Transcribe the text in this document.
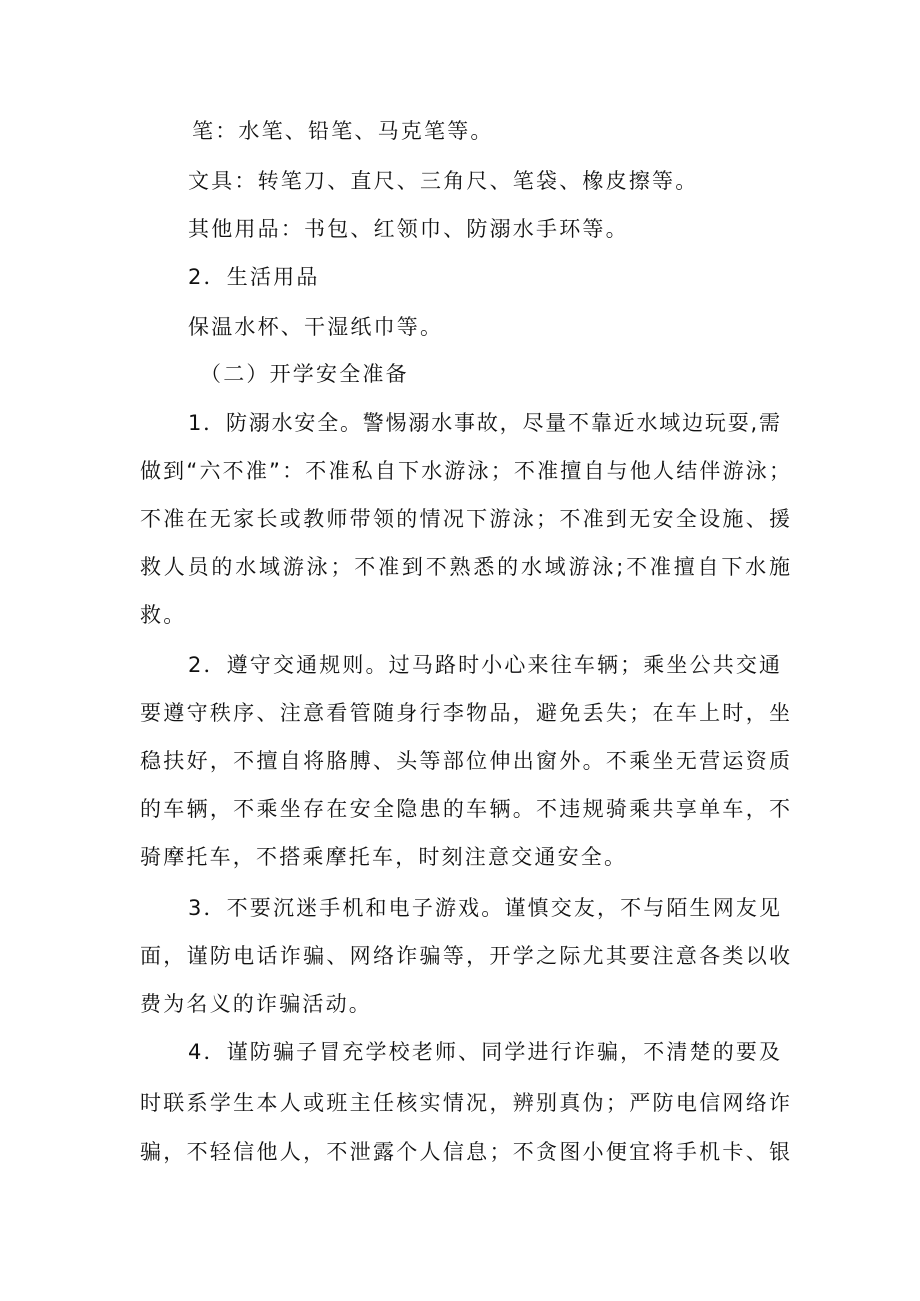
笔：水笔、铅笔、马克笔等。
文具：转笔刀、直尺、三角尺、笔袋、橡皮擦等。
其他用品：书包、红领巾、防溺水手环等。
2．生活用品
保温水杯、干湿纸巾等。
（二）开学安全准备
1．防溺水安全。警惕溺水事故，尽量不靠近水域边玩耍,需
做到“六不准”：不准私自下水游泳；不准擅自与他人结伴游泳；
不准在无家长或教师带领的情况下游泳；不准到无安全设施、援
救人员的水域游泳；不准到不熟悉的水域游泳;不准擅自下水施
救。
2．遵守交通规则。过马路时小心来往车辆；乘坐公共交通
要遵守秩序、注意看管随身行李物品，避免丢失；在车上时，坐
稳扶好，不擅自将胳膊、头等部位伸出窗外。不乘坐无营运资质
的车辆，不乘坐存在安全隐患的车辆。不违规骑乘共享单车，不
骑摩托车，不搭乘摩托车，时刻注意交通安全。
3．不要沉迷手机和电子游戏。谨慎交友，不与陌生网友见
面，谨防电话诈骗、网络诈骗等，开学之际尤其要注意各类以收
费为名义的诈骗活动。
4．谨防骗子冒充学校老师、同学进行诈骗，不清楚的要及
时联系学生本人或班主任核实情况，辨别真伪；严防电信网络诈
骗，不轻信他人，不泄露个人信息；不贪图小便宜将手机卡、银
